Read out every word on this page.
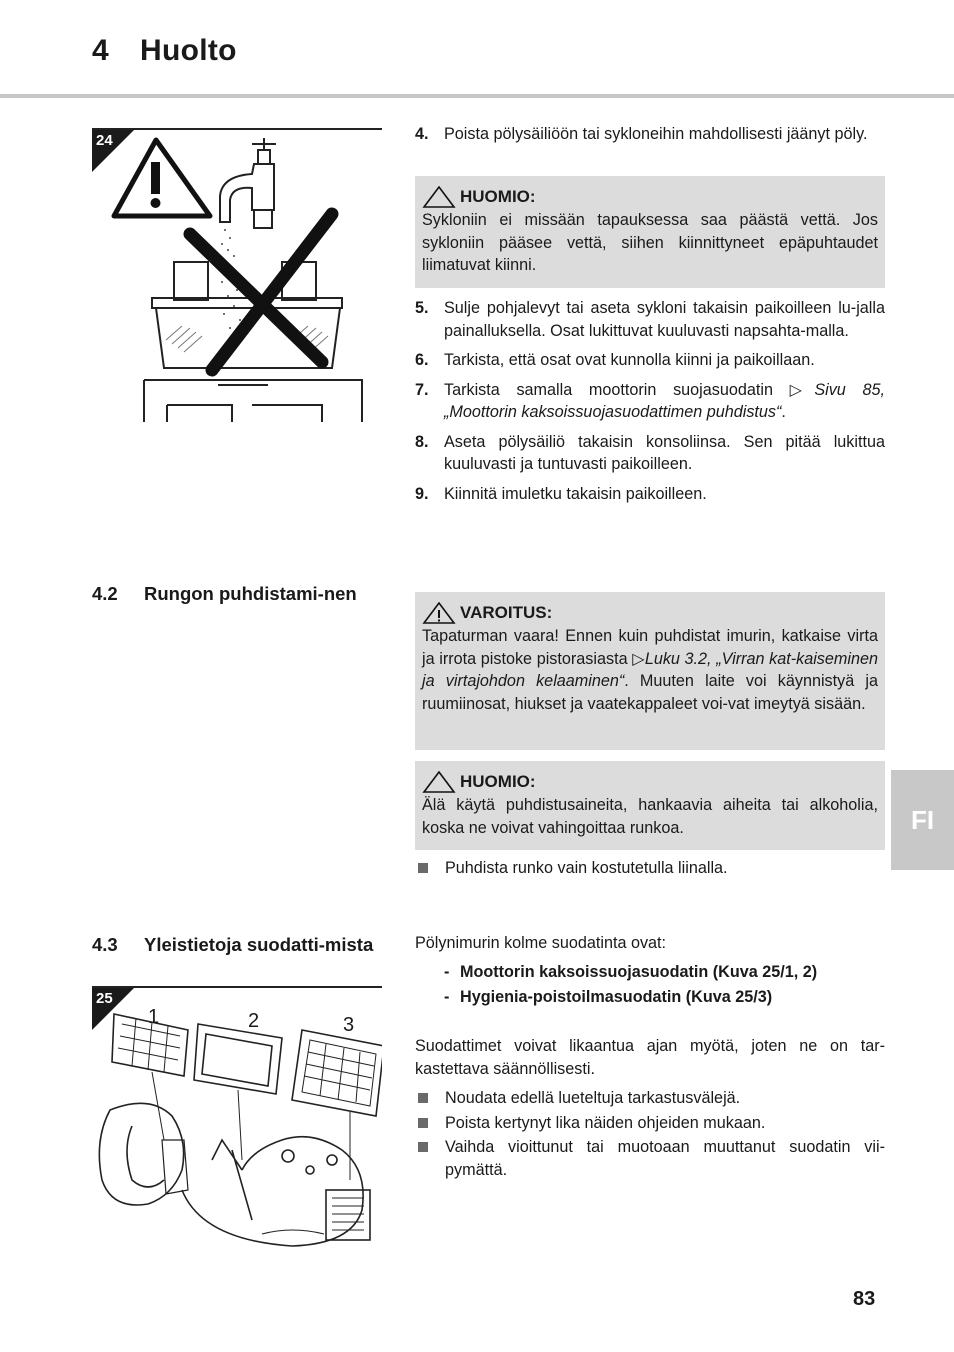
4 Huolto
24	4. Poista pölysäiliöön tai sykloneihin mahdollisesti jäänyt pöly.
HUOMIO:
Sykloniin ei missään tapauksessa saa päästä vettä. Jos sykloniin pääsee vettä, siihen kiinnittyneet epäpuhtaudet liimatuvat kiinni.
5. Sulje pohjalevyt tai aseta sykloni takaisin paikoilleen lu-jalla painalluksella. Osat lukittuvat kuuluvasti napsahta-malla.
6. Tarkista, että osat ovat kunnolla kiinni ja paikoillaan.
7. Tarkista samalla moottorin suojasuodatin ▷Sivu 85, „Moottorin kaksoissuojasuodattimen puhdistus“.
8. Aseta pölysäiliö takaisin konsoliinsa. Sen pitää lukittua kuuluvasti ja tuntuvasti paikoilleen.
9. Kiinnitä imuletku takaisin paikoilleen.
4.2	Rungon puhdistami-nen
VAROITUS:
Tapaturman vaara! Ennen kuin puhdistat imurin, katkaise virta ja irrota pistoke pistorasiasta ▷Luku 3.2, „Virran kat-kaiseminen ja virtajohdon kelaaminen“. Muuten laite voi käynnistyä ja ruumiinosat, hiukset ja vaatekappaleet voi-vat imeytyä sisään.
HUOMIO:
Älä käytä puhdistusaineita, hankaavia aiheita tai alkoholia, koska ne voivat vahingoittaa runkoa.
Puhdista runko vain kostutetulla liinalla.
4.3	Yleistietoja suodatti-mista
25
1	2	3
Pölynimurin kolme suodatinta ovat:
- Moottorin kaksoissuojasuodatin (Kuva 25/1, 2)
- Hygienia-poistoilmasuodatin (Kuva 25/3)
Suodattimet voivat likaantua ajan myötä, joten ne on tar-kastettava säännöllisesti.
Noudata edellä lueteltuja tarkastusvälejä.
Poista kertynyt lika näiden ohjeiden mukaan.
Vaihda vioittunut tai muotoaan muuttanut suodatin vii-pymättä.
FI
83
